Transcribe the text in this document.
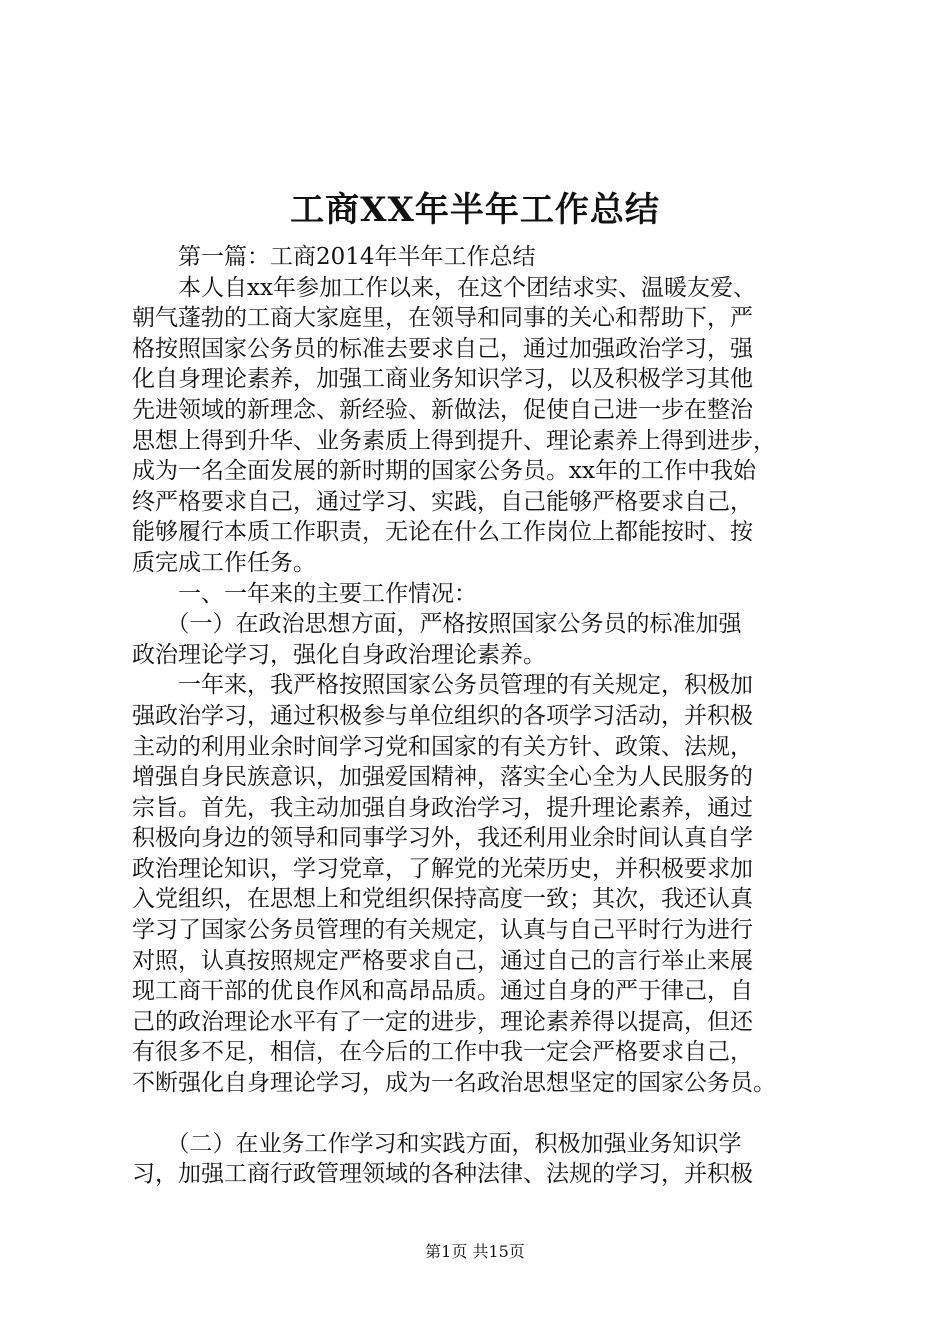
工商XX年半年工作总结
　　第一篇：工商2014年半年工作总结
　　本人自xx年参加工作以来，在这个团结求实、温暖友爱、
朝气蓬勃的工商大家庭里，在领导和同事的关心和帮助下，严
格按照国家公务员的标准去要求自己，通过加强政治学习，强
化自身理论素养，加强工商业务知识学习，以及积极学习其他
先进领域的新理念、新经验、新做法，促使自己进一步在整治
思想上得到升华、业务素质上得到提升、理论素养上得到进步，
成为一名全面发展的新时期的国家公务员。xx年的工作中我始
终严格要求自己，通过学习、实践，自己能够严格要求自己，
能够履行本质工作职责，无论在什么工作岗位上都能按时、按
质完成工作任务。
　　一、一年来的主要工作情况：
　　（一）在政治思想方面，严格按照国家公务员的标准加强
政治理论学习，强化自身政治理论素养。
　　一年来，我严格按照国家公务员管理的有关规定，积极加
强政治学习，通过积极参与单位组织的各项学习活动，并积极
主动的利用业余时间学习党和国家的有关方针、政策、法规，
增强自身民族意识，加强爱国精神，落实全心全为人民服务的
宗旨。首先，我主动加强自身政治学习，提升理论素养，通过
积极向身边的领导和同事学习外，我还利用业余时间认真自学
政治理论知识，学习党章，了解党的光荣历史，并积极要求加
入党组织，在思想上和党组织保持高度一致；其次，我还认真
学习了国家公务员管理的有关规定，认真与自己平时行为进行
对照，认真按照规定严格要求自己，通过自己的言行举止来展
现工商干部的优良作风和高昂品质。通过自身的严于律己，自
己的政治理论水平有了一定的进步，理论素养得以提高，但还
有很多不足，相信，在今后的工作中我一定会严格要求自己，
不断强化自身理论学习，成为一名政治思想坚定的国家公务员。
　　（二）在业务工作学习和实践方面，积极加强业务知识学
习，加强工商行政管理领域的各种法律、法规的学习，并积极
第1页 共15页
